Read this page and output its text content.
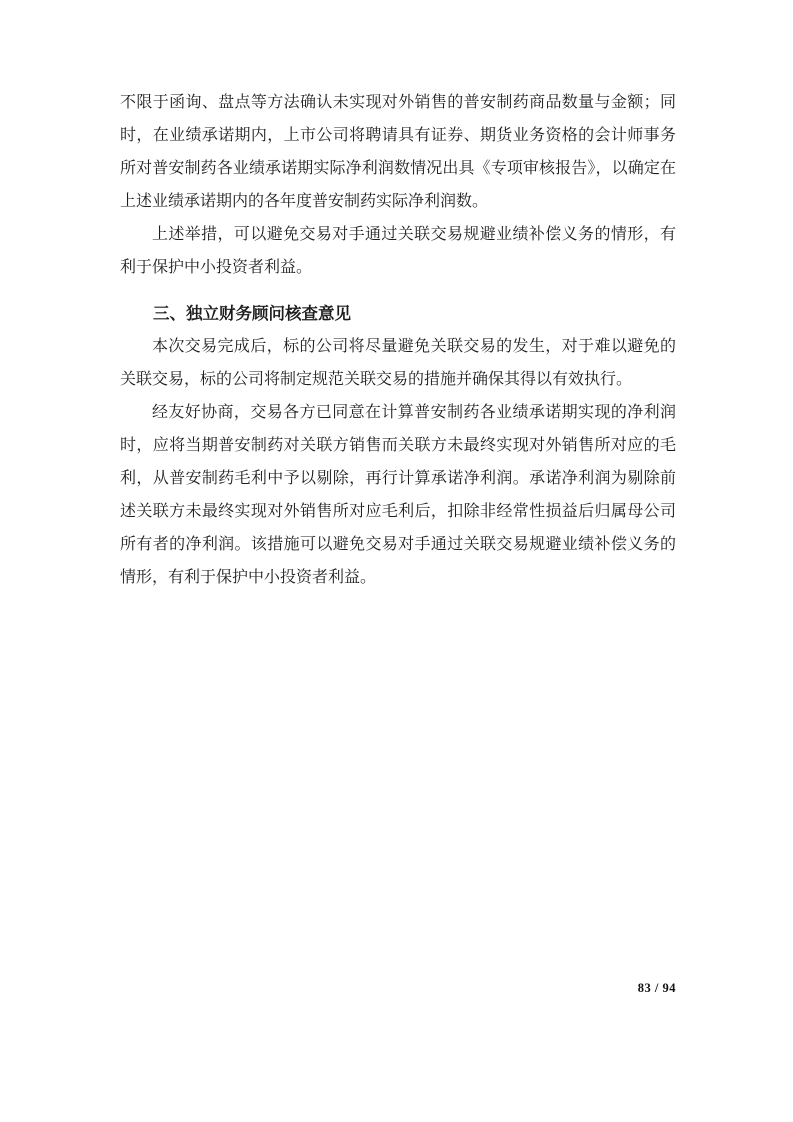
不限于函询、盘点等方法确认未实现对外销售的普安制药商品数量与金额；同时，在业绩承诺期内，上市公司将聘请具有证券、期货业务资格的会计师事务所对普安制药各业绩承诺期实际净利润数情况出具《专项审核报告》，以确定在上述业绩承诺期内的各年度普安制药实际净利润数。

上述举措，可以避免交易对手通过关联交易规避业绩补偿义务的情形，有利于保护中小投资者利益。

三、独立财务顾问核查意见

本次交易完成后，标的公司将尽量避免关联交易的发生，对于难以避免的关联交易，标的公司将制定规范关联交易的措施并确保其得以有效执行。

经友好协商，交易各方已同意在计算普安制药各业绩承诺期实现的净利润时，应将当期普安制药对关联方销售而关联方未最终实现对外销售所对应的毛利，从普安制药毛利中予以剔除，再行计算承诺净利润。承诺净利润为剔除前述关联方未最终实现对外销售所对应毛利后，扣除非经常性损益后归属母公司所有者的净利润。该措施可以避免交易对手通过关联交易规避业绩补偿义务的情形，有利于保护中小投资者利益。

83 / 94
